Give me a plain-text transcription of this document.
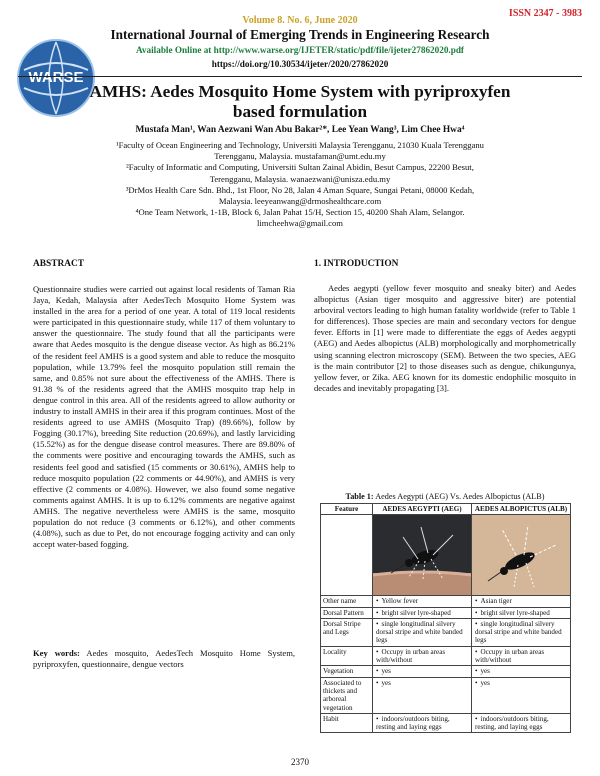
ISSN 2347 - 3983
WARSE
Volume 8. No. 6, June 2020
International Journal of Emerging Trends in Engineering Research
Available Online at http://www.warse.org/IJETER/static/pdf/file/ijeter27862020.pdf
https://doi.org/10.30534/ijeter/2020/27862020
AMHS: Aedes Mosquito Home System with pyriproxyfen
based formulation
Mustafa Man¹, Wan Aezwani Wan Abu Bakar²*, Lee Yean Wang³, Lim Chee Hwa⁴

¹Faculty of Ocean Engineering and Technology, Universiti Malaysia Terengganu, 21030 Kuala Terengganu

Terengganu, Malaysia. mustafaman@umt.edu.my

²Faculty of Informatic and Computing, Universiti Sultan Zainal Abidin, Besut Campus, 22200 Besut,

Terengganu, Malaysia. wanaezwani@unisza.edu.my

³DrMos Health Care Sdn. Bhd., 1st Floor, No 28, Jalan 4 Aman Square, Sungai Petani, 08000 Kedah,

Malaysia. leeyeanwang@drmoshealthcare.com

⁴One Team Network, 1-1B, Block 6, Jalan Pahat 15/H, Section 15, 40200 Shah Alam, Selangor.

limcheehwa@gmail.com

ABSTRACT
Questionnaire studies were carried out against local residents of Taman Ria Jaya, Kedah, Malaysia after AedesTech Mosquito Home System was installed in the area for a period of one year. A total of 119 local residents were participated in this questionnaire study, while 117 of them voluntary to answer the questionnaire. The study found that all the participants were aware that Aedes mosquito is the dengue disease vector. As high as 86.21% of the resident feel AMHS is a good system and able to reduce the mosquito population, while 13.79% feel the mosquito population still remain the same, and 0.85% not sure about the effectiveness of the AMHS. There is 91.38 % of the residents agreed that the AMHS mosquito trap help in dengue control in this area. All of the residents agreed to allow authority or industry to install AMHS in their area if this program continues. Most of the residents agreed to use AMHS (Mosquito Trap) (89.66%), follow by Fogging (30.17%), breeding Site reduction (20.69%), and lastly larviciding (15.52%) as for the dengue disease control measures. There are 89.80% of the comments were positive and encouraging towards the AMHS, such as residents feel good and satisfied (15 comments or 30.61%), AMHS help to reduce mosquito population (22 comments or 44.90%), and AMHS is very effective (2 comments or 4.08%). However, we also found some negative comments against AMHS. It is up to 6.12% comments are negative against AMHS. The negative nevertheless were AMHS is the same, mosquito population do not reduce (3 comments or 6.12%), and other comments (4.08%), such as due to Pet, do not encourage fogging activity and can only accept water-based fogging.
Key words: Aedes mosquito, AedesTech Mosquito Home System, pyriproxyfen, questionnaire, dengue vectors
1. INTRODUCTION
Aedes aegypti (yellow fever mosquito and sneaky biter) and Aedes albopictus (Asian tiger mosquito and aggressive biter) are potential arboviral vectors leading to high human fatality worldwide (refer to Table 1 for differences). Those species are main and secondary vectors for dengue fever. Efforts in [1] were made to differentiate the eggs of Aedes aegypti (AEG) and Aedes albopictus (ALB) morphologically and morphometrically using scanning electron microscopy (SEM). Between the two species, AEG is the main contributor [2] to those diseases such as dengue, chikungunya, yellow fever, or Zika. AEG known for its domestic endophilic mosquito in decades and inevitably propagating [3].
Table 1: Aedes Aegypti (AEG) Vs. Aedes Albopictus (ALB)
Feature	AEDES AEGYPTI (AEG)	AEDES ALBOPICTUS (ALB)

Other name	•Yellow fever	•Asian tiger
Dorsal Pattern	•bright silver lyre-shaped	•bright silver lyre-shaped
Dorsal Stripe and Legs	• single longitudinal silvery dorsal stripe and white banded legs	• single longitudinal silvery dorsal stripe and white banded legs
Locality	•Occupy in urban areas with/without	• Occupy in urban areas with/without
Vegetation	•yes	•yes
Associated to thickets and arboreal vegetation	• yes	•yes
Habit	•indoors/outdoors biting, resting and laying eggs	• indoors/outdoors biting, resting, and laying eggs
2370
